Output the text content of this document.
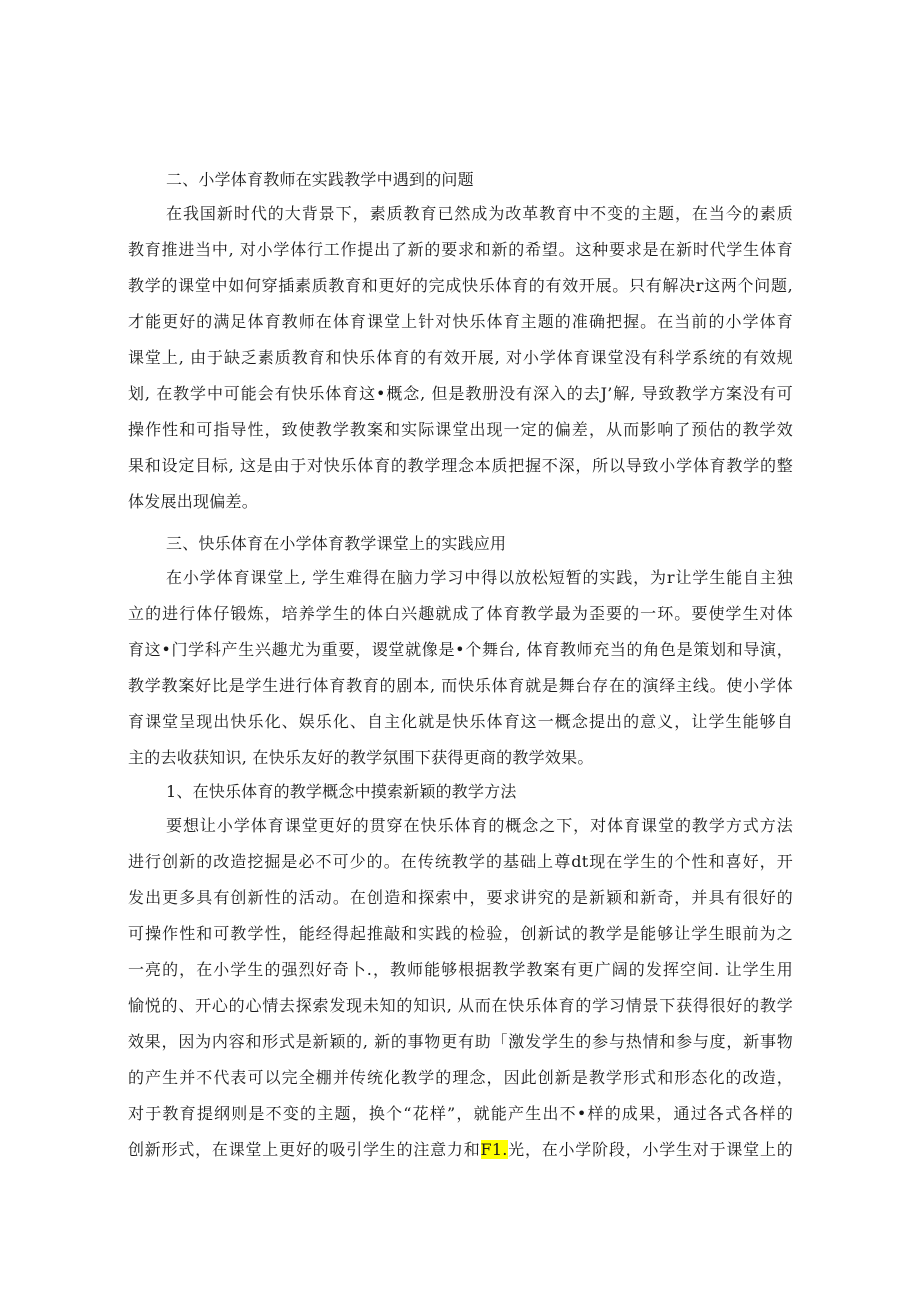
二、小学体育教师在实践教学中遇到的问题

在我国新时代的大背景下，素质教育已然成为改革教育中不变的主题，在当今的素质
教育推进当中, 对小学体行工作提出了新的要求和新的希望。这种要求是在新时代学生体育
教学的课堂中如何穿插素质教育和更好的完成快乐体育的有效开展。只有解决r这两个问题,
才能更好的满足体育教师在体育课堂上针对快乐体育主题的准确把握。在当前的小学体育
课堂上, 由于缺乏素质教育和快乐体育的有效开展, 对小学体育课堂没有科学系统的有效规
划, 在教学中可能会有快乐体育这•概念, 但是教册没有深入的去J’解, 导致教学方案没有可
操作性和可指导性，致使教学教案和实际课堂出现一定的偏差，从而影响了预估的教学效
果和设定目标, 这是由于对快乐体育的教学理念本质把握不深，所以导致小学体育教学的整
体发展出现偏差。

三、快乐体育在小学体育教学课堂上的实践应用

在小学体育课堂上, 学生难得在脑力学习中得以放松短暂的实践，为r让学生能自主独
立的进行体仔锻炼，培养学生的体白兴趣就成了体育教学最为歪要的一环。要使学生对体
育这•门学科产生兴趣尤为重要，谡堂就像是•个舞台, 体育教师充当的角色是策划和导演，
教学教案好比是学生进行体育教育的剧本, 而快乐体育就是舞台存在的演绎主线。使小学体
育课堂呈现出快乐化、娱乐化、自主化就是快乐体育这一概念提出的意义，让学生能够自
主的去收获知识, 在快乐友好的教学氛围下获得更商的教学效果。

1、在快乐体育的教学概念中摸索新颖的教学方法

要想让小学体育课堂更好的贯穿在快乐体育的概念之下，对体育课堂的教学方式方法
进行创新的改造挖掘是必不可少的。在传统教学的基础上尊dt现在学生的个性和喜好，开
发出更多具有创新性的活动。在创造和探索中，要求讲究的是新颖和新奇，并具有很好的
可操作性和可教学性，能经得起推敲和实践的检验，创新试的教学是能够让学生眼前为之
一亮的，在小学生的强烈好奇卜.，教师能够根据教学教案有更广阔的发挥空间. 让学生用
愉悦的、开心的心情去探索发现未知的知识, 从而在快乐体育的学习情景下获得很好的教学
效果，因为内容和形式是新颖的, 新的事物更有助「激发学生的参与热情和参与度，新事物
的产生并不代表可以完全棚并传统化教学的理念，因此创新是教学形式和形态化的改造，
对于教育提纲则是不变的主题，换个“花样”，就能产生出不•样的成果，通过各式各样的
创新形式，在课堂上更好的吸引学生的注意力和F1.光，在小学阶段，小学生对于课堂上的
